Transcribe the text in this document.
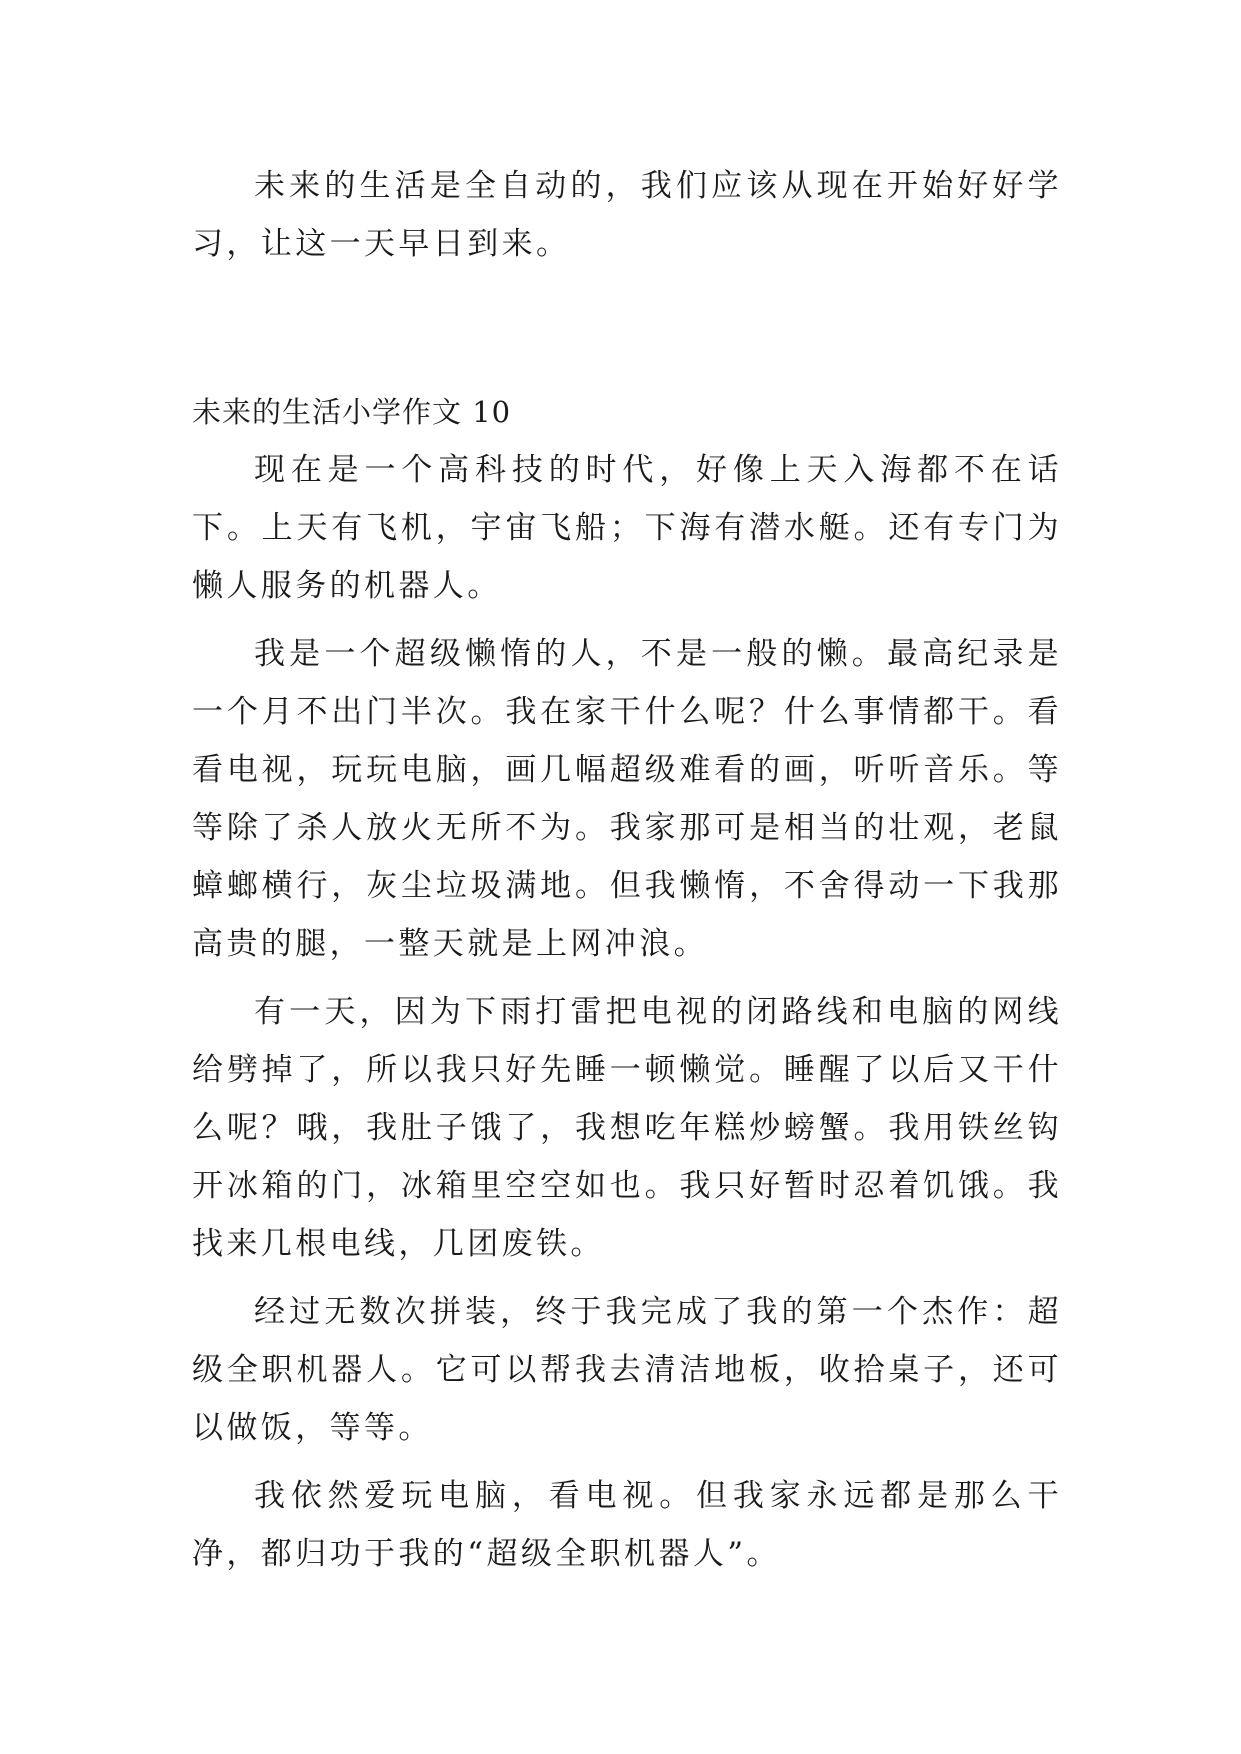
未来的生活是全自动的，我们应该从现在开始好好学习，让这一天早日到来。

未来的生活小学作文 10

现在是一个高科技的时代，好像上天入海都不在话下。上天有飞机，宇宙飞船；下海有潜水艇。还有专门为懒人服务的机器人。

我是一个超级懒惰的人，不是一般的懒。最高纪录是一个月不出门半次。我在家干什么呢？什么事情都干。看看电视，玩玩电脑，画几幅超级难看的画，听听音乐。等等除了杀人放火无所不为。我家那可是相当的壮观，老鼠蟑螂横行，灰尘垃圾满地。但我懒惰，不舍得动一下我那高贵的腿，一整天就是上网冲浪。

有一天，因为下雨打雷把电视的闭路线和电脑的网线给劈掉了，所以我只好先睡一顿懒觉。睡醒了以后又干什么呢？哦，我肚子饿了，我想吃年糕炒螃蟹。我用铁丝钩开冰箱的门，冰箱里空空如也。我只好暂时忍着饥饿。我找来几根电线，几团废铁。

经过无数次拼装，终于我完成了我的第一个杰作：超级全职机器人。它可以帮我去清洁地板，收拾桌子，还可以做饭，等等。

我依然爱玩电脑，看电视。但我家永远都是那么干净，都归功于我的“超级全职机器人”。
